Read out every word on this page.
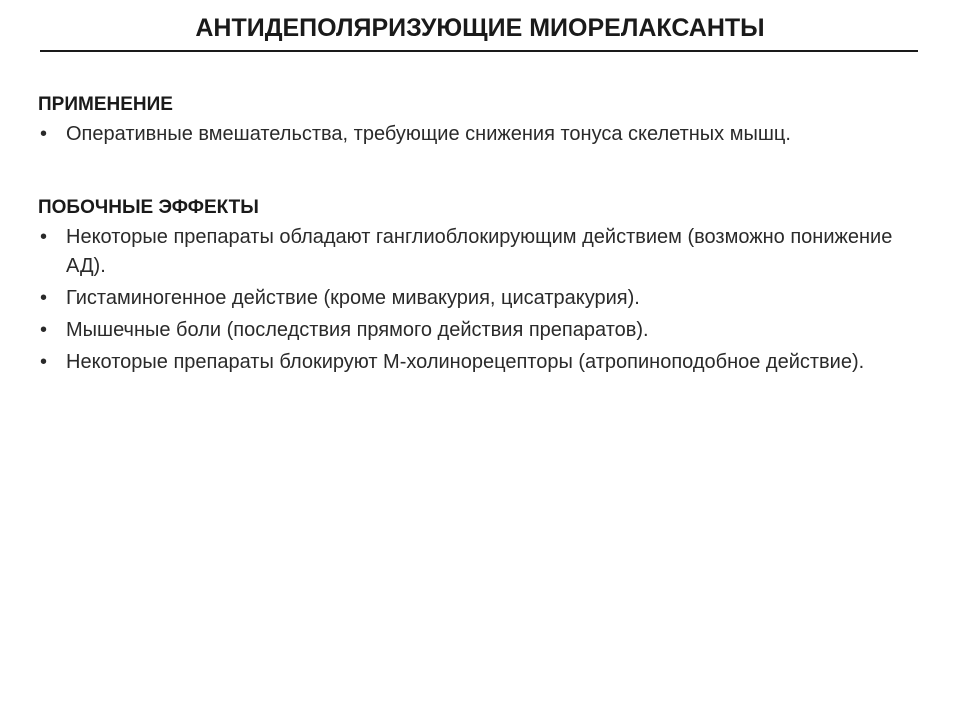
АНТИДЕПОЛЯРИЗУЮЩИЕ МИОРЕЛАКСАНТЫ

ПРИМЕНЕНИЕ

• Оперативные вмешательства, требующие снижения тонуса скелетных мышц.

ПОБОЧНЫЕ ЭФФЕКТЫ

• Некоторые препараты обладают ганглиоблокирующим действием (возможно понижение АД).
• Гистаминогенное действие (кроме мивакурия, цисатракурия).
• Мышечные боли (последствия прямого действия препаратов).
• Некоторые препараты блокируют М-холинорецепторы (атропиноподобное действие).
